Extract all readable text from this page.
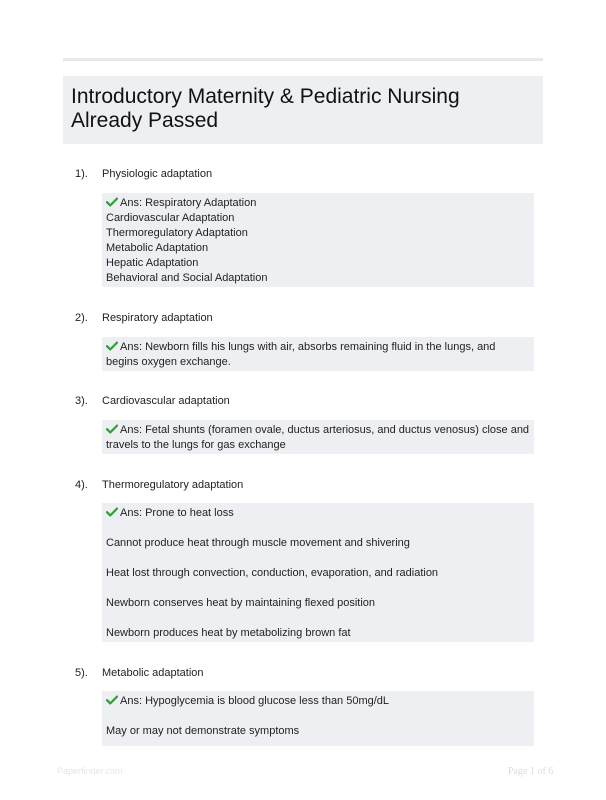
Introductory Maternity & Pediatric Nursing Already Passed
1). Physiologic adaptation
Ans: Respiratory Adaptation
Cardiovascular Adaptation
Thermoregulatory Adaptation
Metabolic Adaptation
Hepatic Adaptation
Behavioral and Social Adaptation
2). Respiratory adaptation
Ans: Newborn fills his lungs with air, absorbs remaining fluid in the lungs, and begins oxygen exchange.
3). Cardiovascular adaptation
Ans: Fetal shunts (foramen ovale, ductus arteriosus, and ductus venosus) close and travels to the lungs for gas exchange
4). Thermoregulatory adaptation
Ans: Prone to heat loss
Cannot produce heat through muscle movement and shivering
Heat lost through convection, conduction, evaporation, and radiation
Newborn conserves heat by maintaining flexed position
Newborn produces heat by metabolizing brown fat
5). Metabolic adaptation
Ans: Hypoglycemia is blood glucose less than 50mg/dL
May or may not demonstrate symptoms
Paperfinder.com	Page 1 of 6
